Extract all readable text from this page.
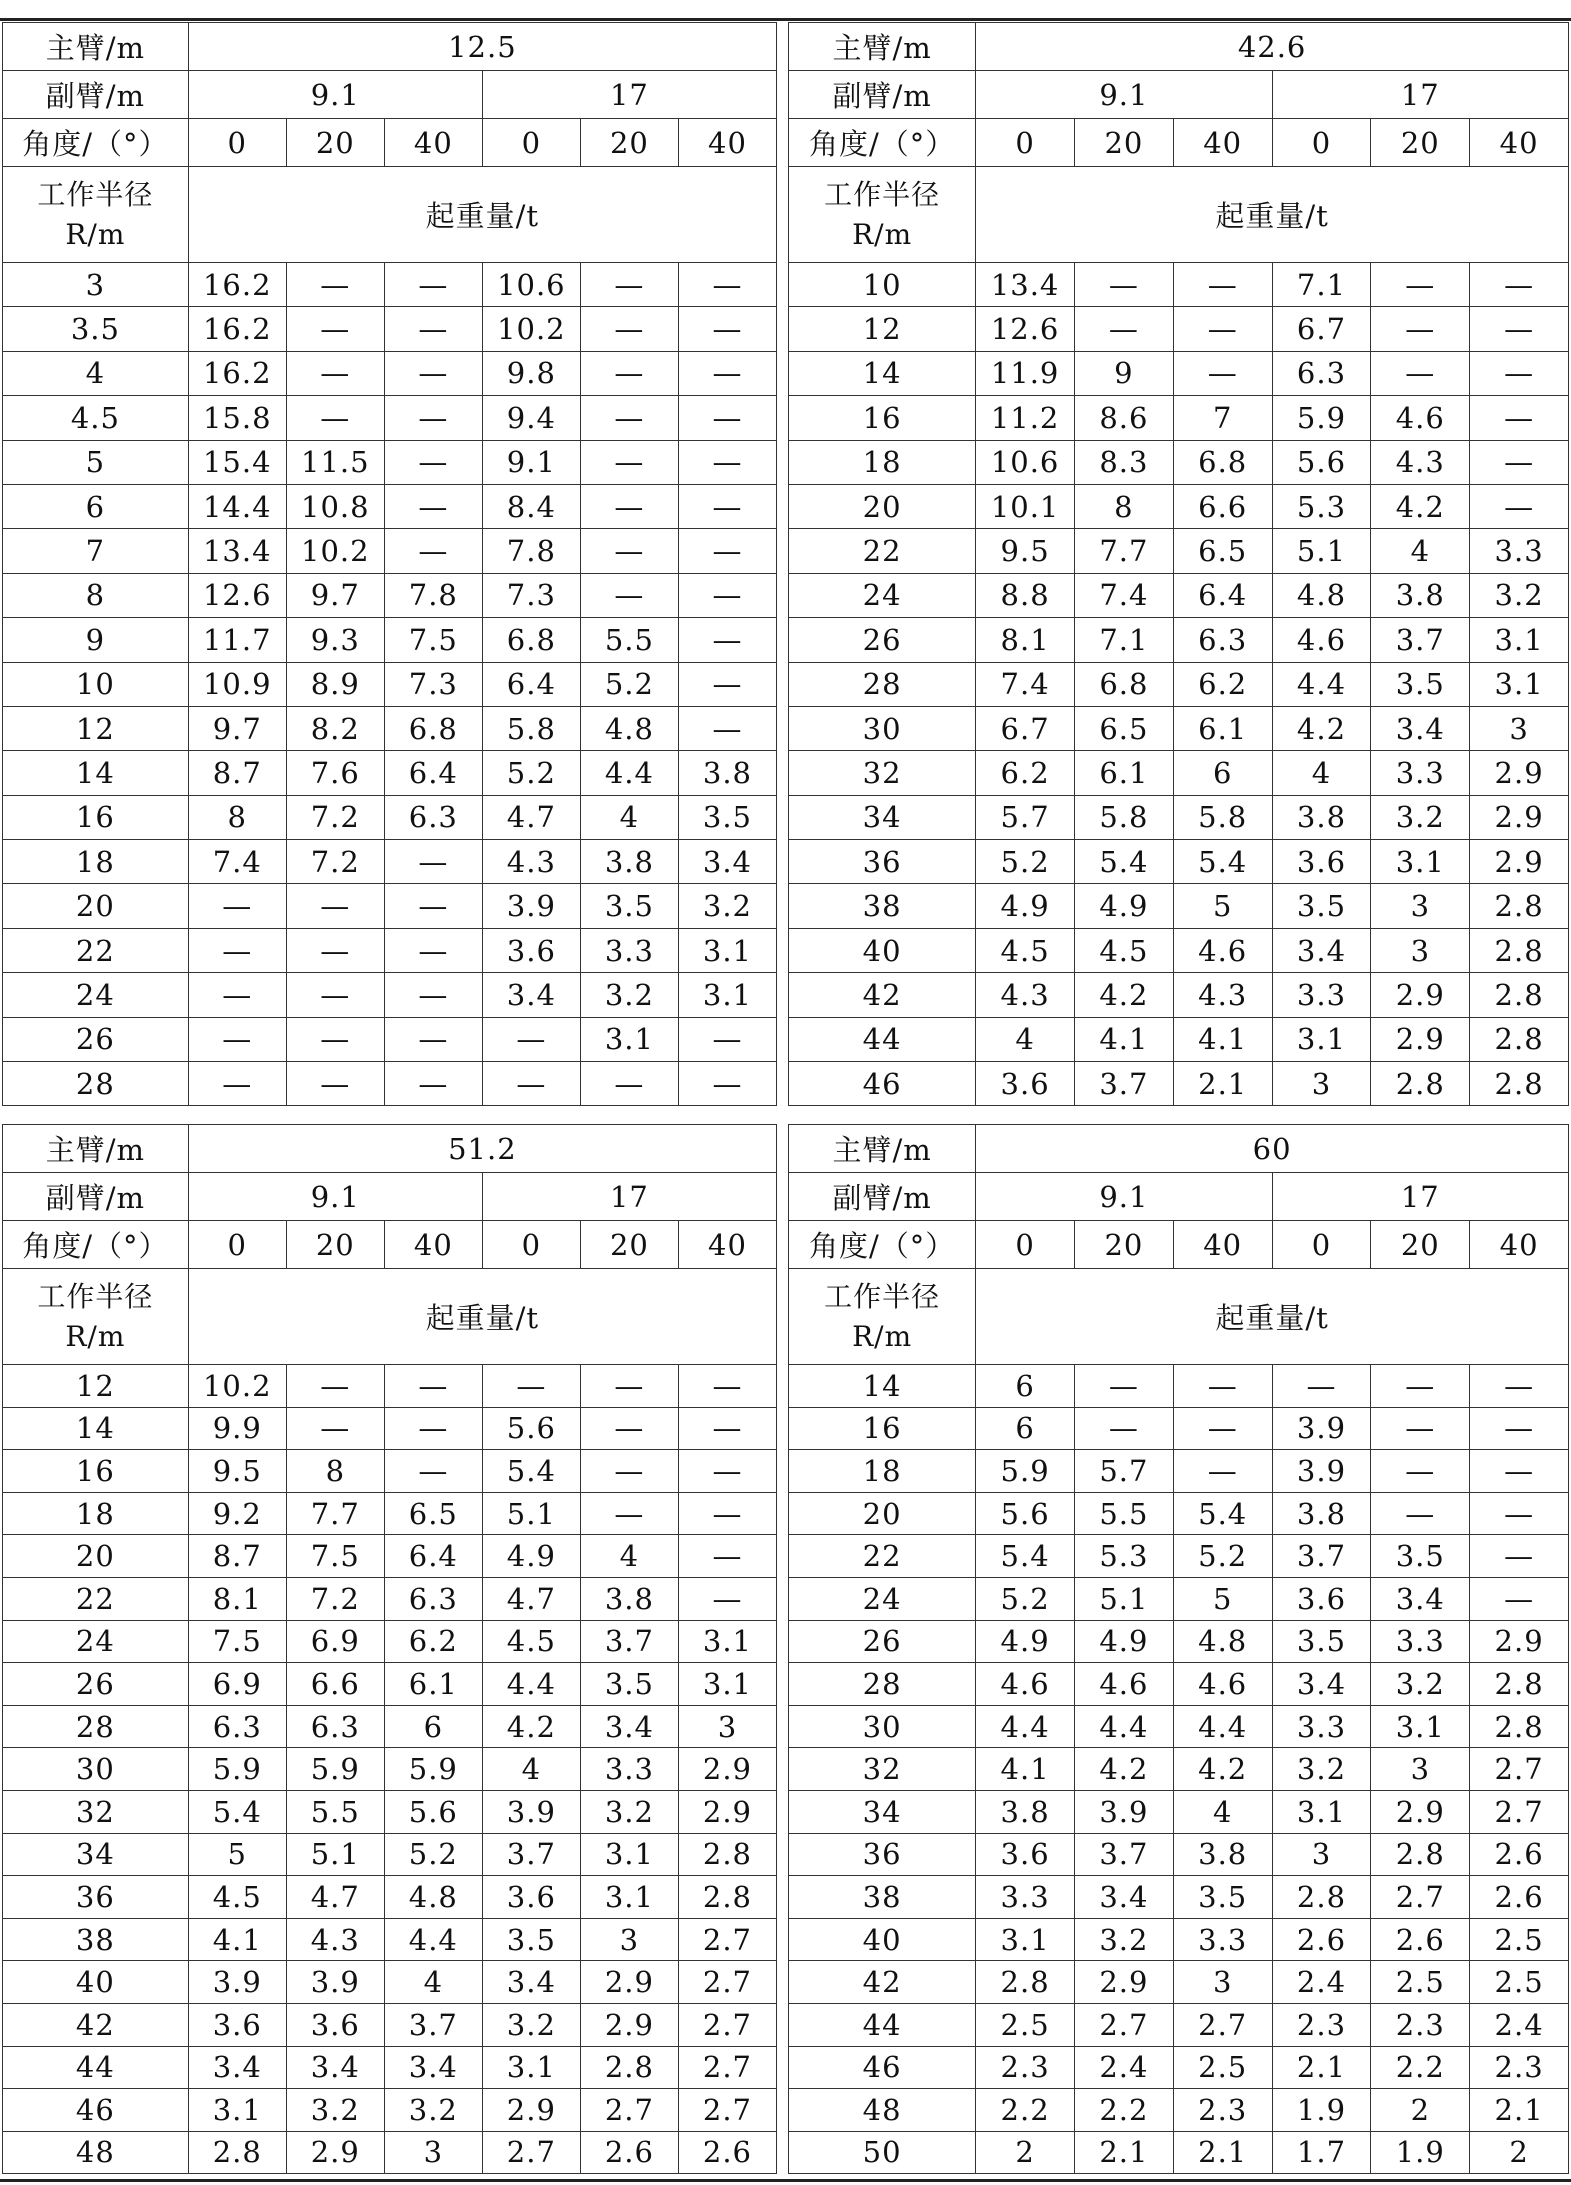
主臂/m	12.5					
副臂/m	9.1			17		
角度/（°）	0	20	40	0	20	40

工作半径
R/m	起重量/t					
3	16.2	—	—	10.6	—	—
3.5	16.2	—	—	10.2	—	—
4	16.2	—	—	9.8	—	—
4.5	15.8	—	—	9.4	—	—
5	15.4	11.5	—	9.1	—	—
6	14.4	10.8	—	8.4	—	—
7	13.4	10.2	—	7.8	—	—
8	12.6	9.7	7.8	7.3	—	—
9	11.7	9.3	7.5	6.8	5.5	—
10	10.9	8.9	7.3	6.4	5.2	—
12	9.7	8.2	6.8	5.8	4.8	—
14	8.7	7.6	6.4	5.2	4.4	3.8
16	8	7.2	6.3	4.7	4	3.5
18	7.4	7.2	—	4.3	3.8	3.4
20	—	—	—	3.9	3.5	3.2
22	—	—	—	3.6	3.3	3.1
24	—	—	—	3.4	3.2	3.1
26	—	—	—	—	3.1	—
28	—	—	—	—	—	—
主臂/m	42.6					
副臂/m	9.1			17		
角度/（°）	0	20	40	0	20	40

工作半径
R/m	起重量/t					
10	13.4	—	—	7.1	—	—
12	12.6	—	—	6.7	—	—
14	11.9	9	—	6.3	—	—
16	11.2	8.6	7	5.9	4.6	—
18	10.6	8.3	6.8	5.6	4.3	—
20	10.1	8	6.6	5.3	4.2	—
22	9.5	7.7	6.5	5.1	4	3.3
24	8.8	7.4	6.4	4.8	3.8	3.2
26	8.1	7.1	6.3	4.6	3.7	3.1
28	7.4	6.8	6.2	4.4	3.5	3.1
30	6.7	6.5	6.1	4.2	3.4	3
32	6.2	6.1	6	4	3.3	2.9
34	5.7	5.8	5.8	3.8	3.2	2.9
36	5.2	5.4	5.4	3.6	3.1	2.9
38	4.9	4.9	5	3.5	3	2.8
40	4.5	4.5	4.6	3.4	3	2.8
42	4.3	4.2	4.3	3.3	2.9	2.8
44	4	4.1	4.1	3.1	2.9	2.8
46	3.6	3.7	2.1	3	2.8	2.8
主臂/m	51.2					
副臂/m	9.1			17		
角度/（°）	0	20	40	0	20	40

工作半径
R/m	起重量/t					
12	10.2	—	—	—	—	—
14	9.9	—	—	5.6	—	—
16	9.5	8	—	5.4	—	—
18	9.2	7.7	6.5	5.1	—	—
20	8.7	7.5	6.4	4.9	4	—
22	8.1	7.2	6.3	4.7	3.8	—
24	7.5	6.9	6.2	4.5	3.7	3.1
26	6.9	6.6	6.1	4.4	3.5	3.1
28	6.3	6.3	6	4.2	3.4	3
30	5.9	5.9	5.9	4	3.3	2.9
32	5.4	5.5	5.6	3.9	3.2	2.9
34	5	5.1	5.2	3.7	3.1	2.8
36	4.5	4.7	4.8	3.6	3.1	2.8
38	4.1	4.3	4.4	3.5	3	2.7
40	3.9	3.9	4	3.4	2.9	2.7
42	3.6	3.6	3.7	3.2	2.9	2.7
44	3.4	3.4	3.4	3.1	2.8	2.7
46	3.1	3.2	3.2	2.9	2.7	2.7
48	2.8	2.9	3	2.7	2.6	2.6
主臂/m	60					
副臂/m	9.1			17		
角度/（°）	0	20	40	0	20	40

工作半径
R/m	起重量/t					
14	6	—	—	—	—	—
16	6	—	—	3.9	—	—
18	5.9	5.7	—	3.9	—	—
20	5.6	5.5	5.4	3.8	—	—
22	5.4	5.3	5.2	3.7	3.5	—
24	5.2	5.1	5	3.6	3.4	—
26	4.9	4.9	4.8	3.5	3.3	2.9
28	4.6	4.6	4.6	3.4	3.2	2.8
30	4.4	4.4	4.4	3.3	3.1	2.8
32	4.1	4.2	4.2	3.2	3	2.7
34	3.8	3.9	4	3.1	2.9	2.7
36	3.6	3.7	3.8	3	2.8	2.6
38	3.3	3.4	3.5	2.8	2.7	2.6
40	3.1	3.2	3.3	2.6	2.6	2.5
42	2.8	2.9	3	2.4	2.5	2.5
44	2.5	2.7	2.7	2.3	2.3	2.4
46	2.3	2.4	2.5	2.1	2.2	2.3
48	2.2	2.2	2.3	1.9	2	2.1
50	2	2.1	2.1	1.7	1.9	2
